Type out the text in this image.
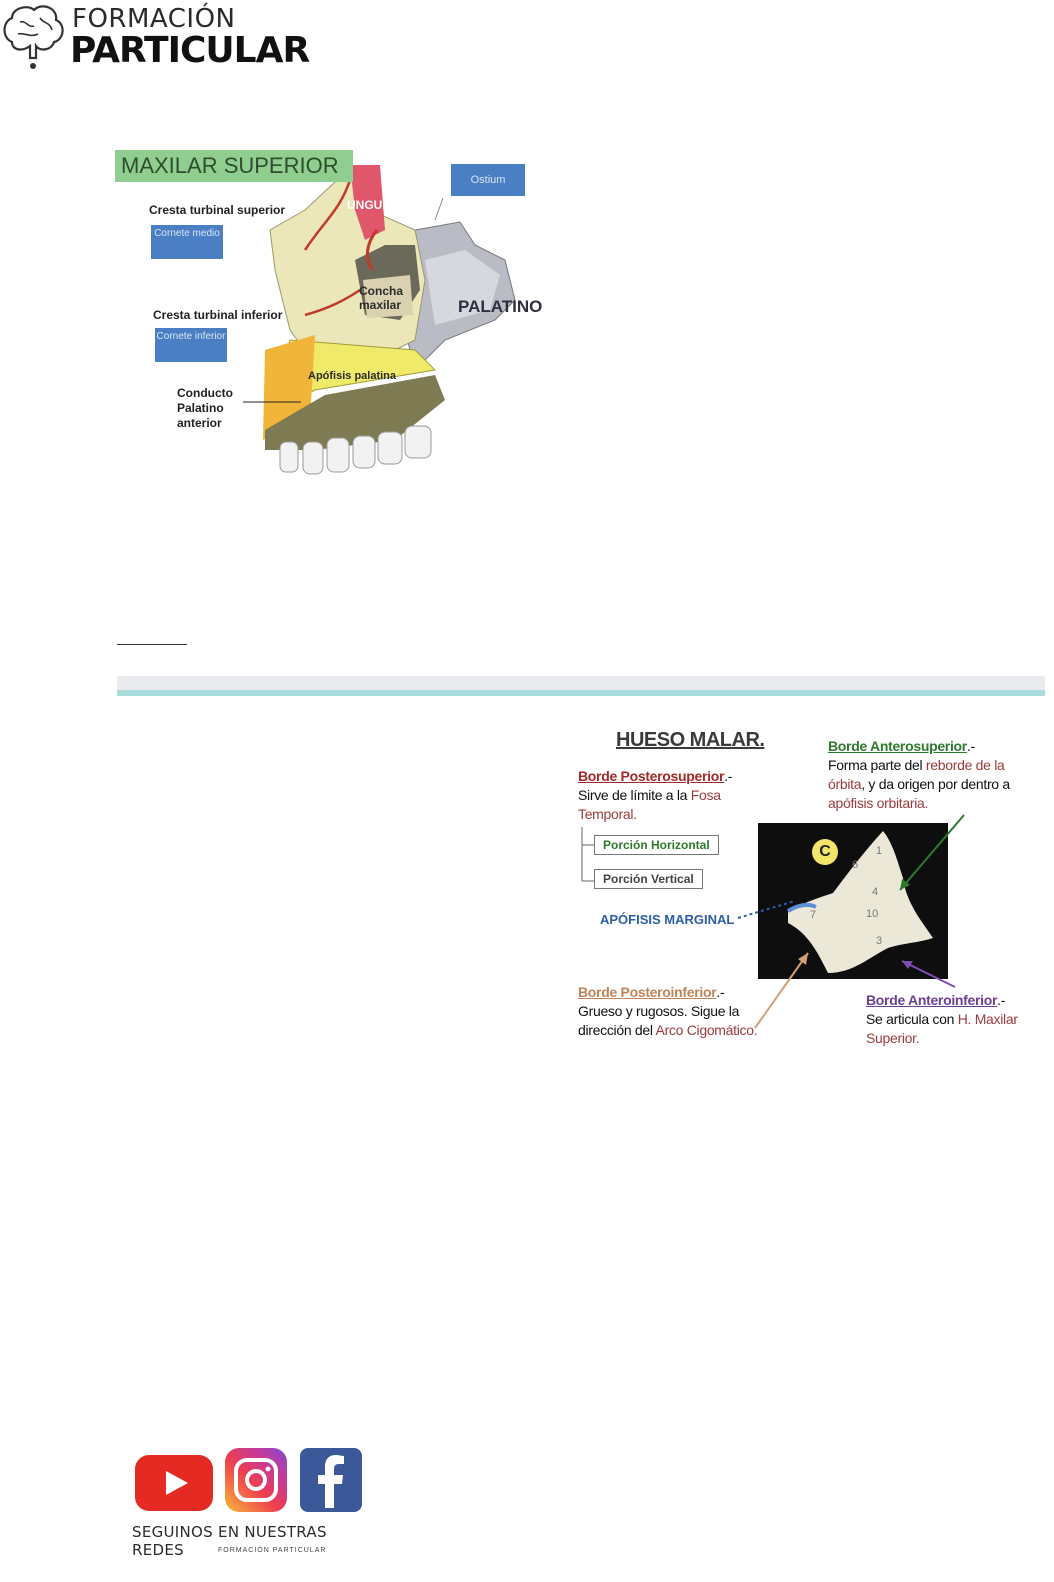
FORMACIÓN
PARTICULAR
MAXILAR SUPERIOR
Cresta turbinal superior
Cornete medio
Cresta turbinal inferior
Cornete inferior
Conducto Palatino anterior
UNGUIS
Ostium
Concha maxilar	PALATINO
Apófisis palatina
HUESO MALAR.
Borde Posterosuperior.-
Sirve de límite a la Fosa Temporal.
Porción Horizontal
Porción Vertical
APÓFISIS MARGINAL
Borde Anterosuperior.-
Forma parte del reborde de la órbita, y da origen por dentro a apófisis orbitaria.
C	1
6
4
7	10
3
Borde Posteroinferior.-
Grueso y rugosos. Sigue la dirección del Arco Cigomático.
Borde Anteroinferior.-
Se articula con H. Maxilar Superior.
SEGUINOS EN NUESTRAS REDES	FORMACIÓN PARTICULAR
